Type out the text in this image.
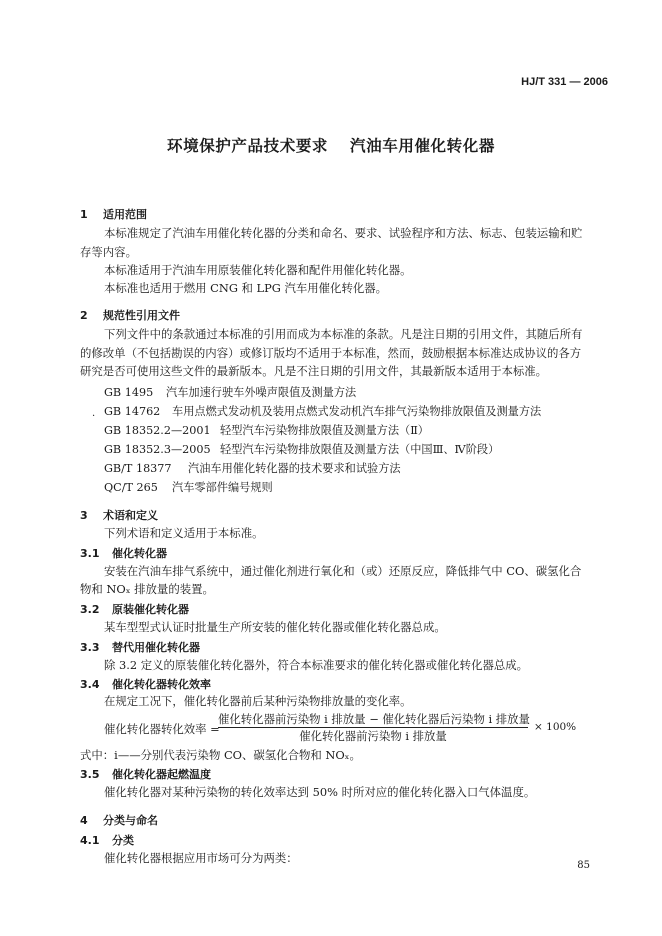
HJ/T 331 — 2006
环境保护产品技术要求 汽油车用催化转化器
1 适用范围
本标准规定了汽油车用催化转化器的分类和命名、要求、试验程序和方法、标志、包装运输和贮
存等内容。
本标准适用于汽油车用原装催化转化器和配件用催化转化器。
本标准也适用于燃用 CNG 和 LPG 汽车用催化转化器。
2 规范性引用文件
下列文件中的条款通过本标准的引用而成为本标准的条款。凡是注日期的引用文件，其随后所有
的修改单（不包括勘误的内容）或修订版均不适用于本标准，然而，鼓励根据本标准达成协议的各方
研究是否可使用这些文件的最新版本。凡是不注日期的引用文件，其最新版本适用于本标准。
GB 1495 汽车加速行驶车外噪声限值及测量方法
. GB 14762 车用点燃式发动机及装用点燃式发动机汽车排气污染物排放限值及测量方法
GB 18352.2—2001 轻型汽车污染物排放限值及测量方法（Ⅱ）
GB 18352.3—2005 轻型汽车污染物排放限值及测量方法（中国Ⅲ、Ⅳ阶段）
GB/T 18377 汽油车用催化转化器的技术要求和试验方法
QC/T 265 汽车零部件编号规则
3 术语和定义
下列术语和定义适用于本标准。
3.1 催化转化器
安装在汽油车排气系统中，通过催化剂进行氧化和（或）还原反应，降低排气中 CO、碳氢化合
物和 NOₓ 排放量的装置。
3.2 原装催化转化器
某车型型式认证时批量生产所安装的催化转化器或催化转化器总成。
3.3 替代用催化转化器
除 3.2 定义的原装催化转化器外，符合本标准要求的催化转化器或催化转化器总成。
3.4 催化转化器转化效率
在规定工况下，催化转化器前后某种污染物排放量的变化率。
催化转化器转化效率 =
催化转化器前污染物 i 排放量 − 催化转化器后污染物 i 排放量
催化转化器前污染物 i 排放量
× 100%
式中：i——分别代表污染物 CO、碳氢化合物和 NOₓ。
3.5 催化转化器起燃温度
催化转化器对某种污染物的转化效率达到 50% 时所对应的催化转化器入口气体温度。
4 分类与命名
4.1 分类
催化转化器根据应用市场可分为两类：
85
